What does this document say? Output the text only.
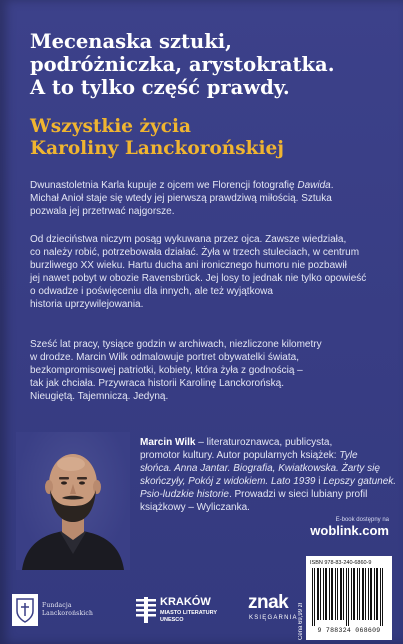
Mecenaska sztuki,
podróżniczka, arystokratka.
A to tylko część prawdy.
Wszystkie życia
Karoliny Lanckorońskiej

Dwunastoletnia Karla kupuje z ojcem we Florencji fotografię Dawida.
Michał Anioł staje się wtedy jej pierwszą prawdziwą miłością. Sztuka
pozwala jej przetrwać najgorsze.

Od dzieciństwa niczym posąg wykuwana przez ojca. Zawsze wiedziała,
co należy robić, potrzebowała działać. Żyła w trzech stuleciach, w centrum
burzliwego XX wieku. Hartu ducha ani ironicznego humoru nie pozbawił
jej nawet pobyt w obozie Ravensbrück. Jej losy to jednak nie tylko opowieść
o odwadze i poświęceniu dla innych, ale też wyjątkowa
historia uprzywilejowania.

Sześć lat pracy, tysiące godzin w archiwach, niezliczone kilometry
w drodze. Marcin Wilk odmalowuje portret obywatelki świata,
bezkompromisowej patriotki, kobiety, która żyła z godnością –
tak jak chciała. Przywraca historii Karolinę Lanckorońską.
Nieugiętą. Tajemniczą. Jedyną.

Marcin Wilk – literaturoznawca, publicysta,
promotor kultury. Autor popularnych książek: Tyle
słońca. Anna Jantar. Biografia, Kwiatkowska. Żarty się
skończyły, Pokój z widokiem. Lato 1939 i Lepszy gatunek.
Psio-ludzkie historie. Prowadzi w sieci lubiany profil
książkowy – Wyliczanka.

E-book dostępny na
woblink.com
Cena 69,99 zł
ISBN 978-83-240-6860-9
9 788324 068609
Fundacja
Lanckorońskich
KRAKÓW
MIASTO LITERATURY
UNESCO
znak
KSIĘGARNIA
